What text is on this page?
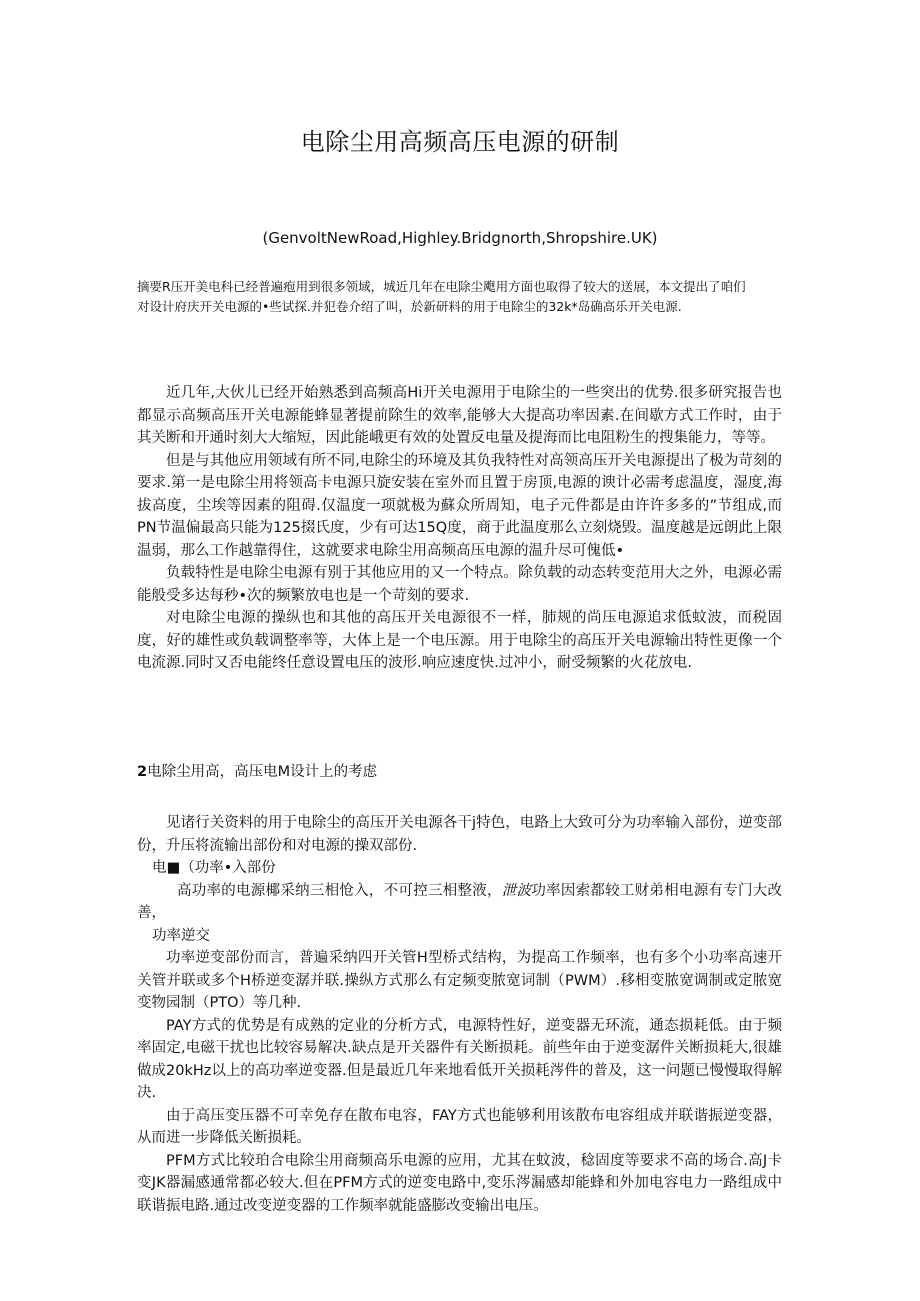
电除尘用高频高压电源的研制

(GenvoltNewRoad,Highley.Bridgnorth,Shropshire.UK)

摘要R压开美电科已经普遍疱用到很多领域，城近几年在电除尘飑用方面也取得了较大的送展，本文提出了咱们
对设计府庆开关电源的•些试探.并犯卷介绍了叫，於新研料的用于电除尘的32k*岛确高乐开关电源.

近几年,大伙儿已经开始熟悉到高频高Hi开关电源用于电除尘的一些突出的优势.很多研究报告也都显示高频高压开关电源能蜂显著提前除生的效率,能够大大提高功率因素.在间歇方式工作时，由于其关断和开通时刻大大缩短，因此能峨更有效的处置反电量及提海而比电阻粉生的搜集能力，等等。

但是与其他应用领域有所不同,电除尘的环境及其负我特性对高领高压开关电源提出了极为苛刻的要求.第一是电除尘用将领高卡电源只旋安装在室外而且置于房顶,电源的谀计必需考虑温度，湿度,海拔高度，尘埃等因素的阻碍.仅温度一项就极为蘇众所周知，电子元件都是由许许多多的”节组成,而PN节温偏最高只能为125掇氏度，少有可达15Q度，商于此温度那么立刻烧毁。温度越是远朗此上限温弱，那么工作越靠得住，这就要求电除尘用高频高压电源的温升尽可傀低•

负载特性是电除尘电源有别于其他应用的又一个特点。除负载的动态转变范用大之外，电源必需能般受多达每秒•次的频繁放电也是一个苛刻的要求.

对电除尘电源的操纵也和其他的高压开关电源很不一样，肺规的尚压电源追求低蚊波，而税固度，好的雄性或负载调整率等，大体上是一个电压源。用于电除尘的高压开关电源输出特性更像一个电流源.同时又否电能终任意设置电压的波形.响应速度快.过冲小，耐受频繁的火花放电.

2电除尘用高，高压电M设计上的考虑

见诸行关资料的用于电除尘的高压开关电源各干j特色，电路上大致可分为功率输入部份，逆变部份，升压将流输出部份和对电源的操双部份.

电■（功率•入部份

高功率的电源椰采纳三相怆入，不可控三相整液，泄波功率因索都较工财弟相电源有专门大改善，

功率逆交

功率逆变部份而言，普遍采纳四开关管H型桥式结构，为提高工作频率，也有多个小功率高速开关管并联或多个H桥逆变潺并联.操纵方式那么有定频变脓宽词制（PWM）.移相变脓宽调制或定脓宽变物园制（PTO）等几种.

PAY方式的优势是有成熟的定业的分析方式，电源特性好，逆变器无环流，通态损耗低。由于频率固定,电磁干扰也比较容易解决.缺点是开关器件有关断损耗。前些年由于逆变潺件关断损耗大,很雄做成20kHz以上的高功率逆变器.但是最近几年来地看低开关损耗涔件的普及，这一问题已慢慢取得解决.

由于高压变压器不可幸免存在散布电容，FAY方式也能够利用该散布电容组成并联谐振逆变器，从而进一步降低关断损耗。

PFM方式比较珀合电除尘用商频高乐电源的应用，尤其在蚊波，稔固度等要求不高的场合.高J卡变JK器漏感通常都必较大.但在PFM方式的逆变电路中,变乐涔漏感却能蜂和外加电容电力一路组成中联谐振电路.通过改变逆变器的工作频率就能盛膨改变输出电压。
